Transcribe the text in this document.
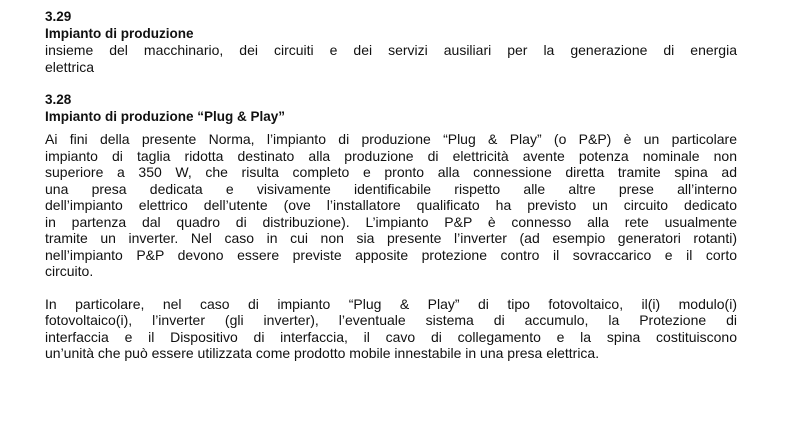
3.29

Impianto di produzione

insieme del macchinario, dei circuiti e dei servizi ausiliari per la generazione di energia
elettrica

3.28

Impianto di produzione “Plug & Play”

Ai fini della presente Norma, l’impianto di produzione “Plug & Play” (o P&P) è un particolare
impianto di taglia ridotta destinato alla produzione di elettricità avente potenza nominale non
superiore a 350 W, che risulta completo e pronto alla connessione diretta tramite spina ad
una presa dedicata e visivamente identificabile rispetto alle altre prese all’interno
dell’impianto elettrico dell’utente (ove l’installatore qualificato ha previsto un circuito dedicato
in partenza dal quadro di distribuzione). L’impianto P&P è connesso alla rete usualmente
tramite un inverter. Nel caso in cui non sia presente l’inverter (ad esempio generatori rotanti)
nell’impianto P&P devono essere previste apposite protezione contro il sovraccarico e il corto
circuito.
In particolare, nel caso di impianto “Plug & Play” di tipo fotovoltaico, il(i) modulo(i)
fotovoltaico(i), l’inverter (gli inverter), l’eventuale sistema di accumulo, la Protezione di
interfaccia e il Dispositivo di interfaccia, il cavo di collegamento e la spina costituiscono
un’unità che può essere utilizzata come prodotto mobile innestabile in una presa elettrica.
